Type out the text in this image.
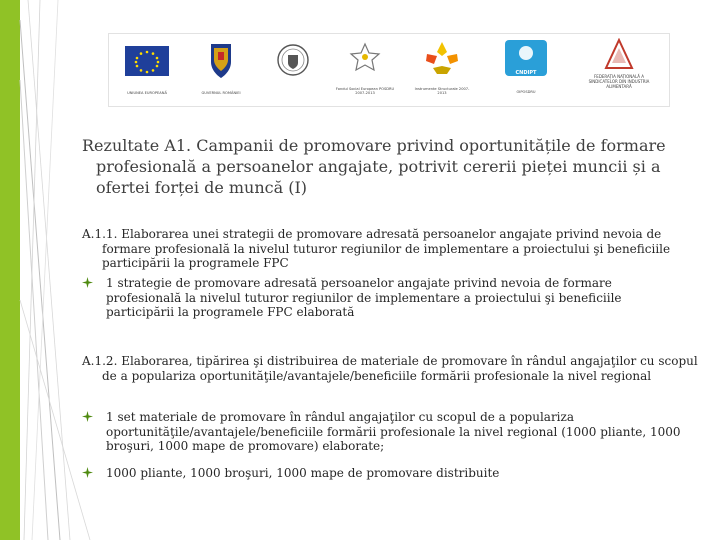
UNIUNEA EUROPEANĂ	GUVERNUL ROMÂNIEI
Fondul Social European POSDRU 2007-2013
Instrumente Structurale 2007-2013
CNDIPT
OIPOSDRU
FEDERAȚIA NAȚIONALĂ A SINDICATELOR DIN INDUSTRIA ALIMENTARĂ
Rezultate A1. Campanii de promovare privind oportunitățile de formare profesională a persoanelor angajate, potrivit cererii pieței muncii și a ofertei forței de muncă (I)
A.1.1. Elaborarea unei strategii de promovare adresată persoanelor angajate privind nevoia de formare profesională la nivelul tuturor regiunilor de implementare a proiectului şi beneficiile participării la programele FPC
1 strategie de promovare adresată persoanelor angajate privind nevoia de formare profesională la nivelul tuturor regiunilor de implementare a proiectului şi beneficiile participării la programele FPC elaborată
A.1.2. Elaborarea, tipărirea şi distribuirea de materiale de promovare în rândul angajaţilor cu scopul de a populariza oportunităţile/avantajele/beneficiile formării profesionale la nivel regional
1 set materiale de promovare în rândul angajaţilor cu scopul de a populariza oportunităţile/avantajele/beneficiile formării profesionale la nivel regional (1000 pliante, 1000 broşuri, 1000 mape de promovare) elaborate;
1000 pliante, 1000 broşuri, 1000 mape de promovare distribuite
